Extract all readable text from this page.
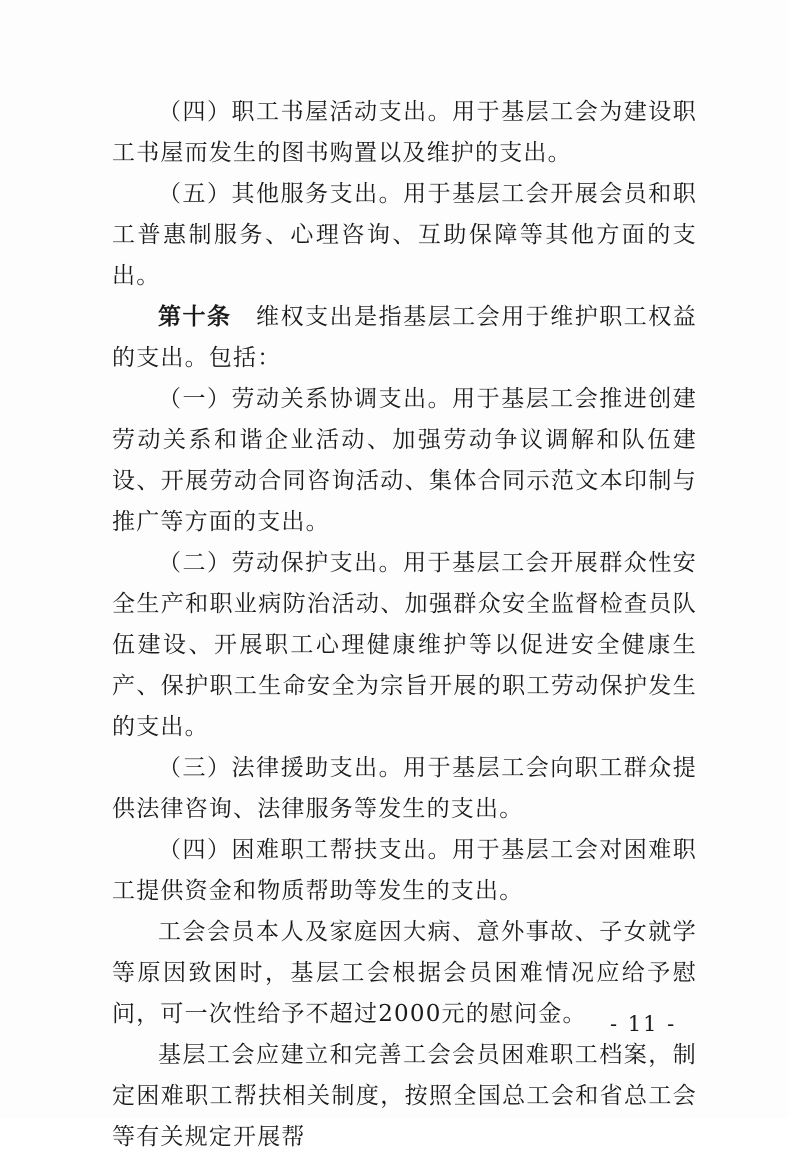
（四）职工书屋活动支出。用于基层工会为建设职工书屋而发生的图书购置以及维护的支出。

（五）其他服务支出。用于基层工会开展会员和职工普惠制服务、心理咨询、互助保障等其他方面的支出。

第十条　维权支出是指基层工会用于维护职工权益的支出。包括：

（一）劳动关系协调支出。用于基层工会推进创建劳动关系和谐企业活动、加强劳动争议调解和队伍建设、开展劳动合同咨询活动、集体合同示范文本印制与推广等方面的支出。

（二）劳动保护支出。用于基层工会开展群众性安全生产和职业病防治活动、加强群众安全监督检查员队伍建设、开展职工心理健康维护等以促进安全健康生产、保护职工生命安全为宗旨开展的职工劳动保护发生的支出。

（三）法律援助支出。用于基层工会向职工群众提供法律咨询、法律服务等发生的支出。

（四）困难职工帮扶支出。用于基层工会对困难职工提供资金和物质帮助等发生的支出。

工会会员本人及家庭因大病、意外事故、子女就学等原因致困时，基层工会根据会员困难情况应给予慰问，可一次性给予不超过2000元的慰问金。

基层工会应建立和完善工会会员困难职工档案，制定困难职工帮扶相关制度，按照全国总工会和省总工会等有关规定开展帮

- 11 -
